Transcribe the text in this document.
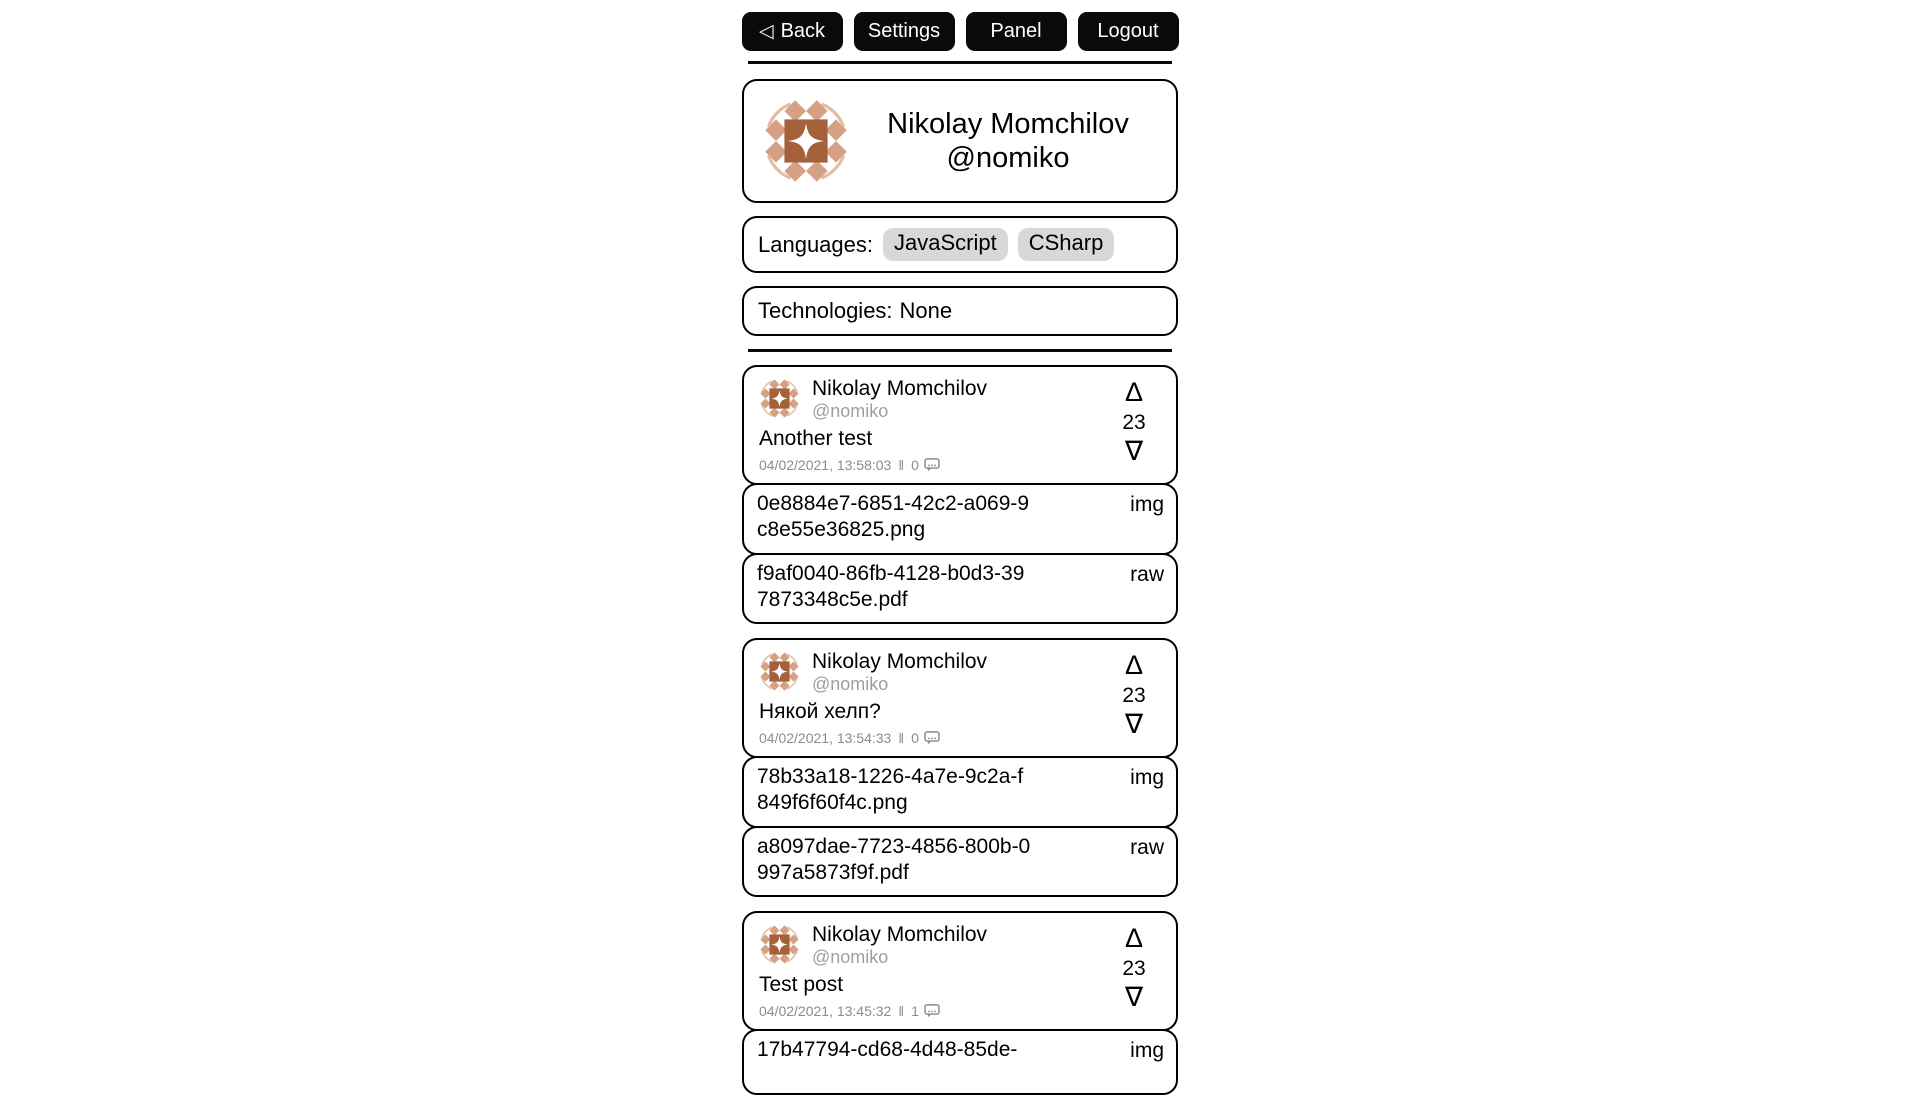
◁ Back Settings	Panel	Logout
Nikolay Momchilov
@nomiko
Languages: JavaScript CSharp
Technologies: None
Nikolay Momchilov
@nomiko
Another test
04/02/2021, 13:58:03 ‖ 0
Δ
23
∇
0e8884e7-6851-42c2-a069-9c8e55e36825.png
img
f9af0040-86fb-4128-b0d3-397873348c5e.pdf
raw
Nikolay Momchilov
@nomiko
Някой хелп?
04/02/2021, 13:54:33 ‖ 0
Δ
23
∇
78b33a18-1226-4a7e-9c2a-f849f6f60f4c.png
img
a8097dae-7723-4856-800b-0997a5873f9f.pdf
raw
Nikolay Momchilov
@nomiko
Test post
04/02/2021, 13:45:32 ‖ 1
Δ
23
∇
17b47794-cd68-4d48-85de-	img
